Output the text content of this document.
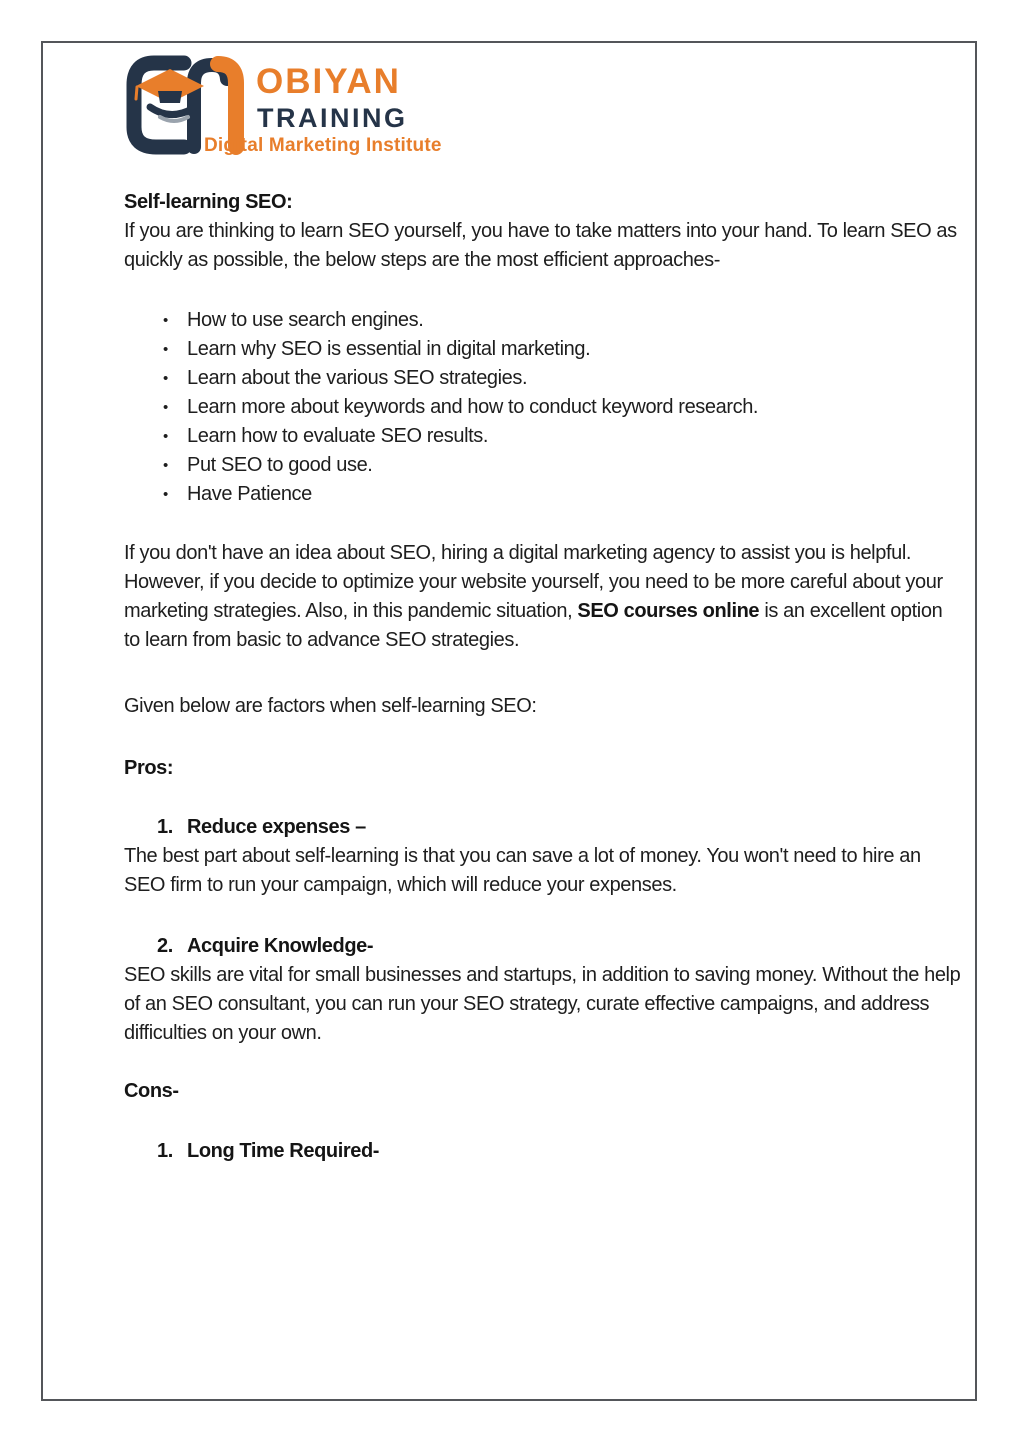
OBIYAN
TRAINING
Digital Marketing Institute
Self-learning SEO:

If you are thinking to learn SEO yourself, you have to take matters into your hand. To learn SEO as quickly as possible, the below steps are the most efficient approaches-

• How to use search engines.
• Learn why SEO is essential in digital marketing.
• Learn about the various SEO strategies.
• Learn more about keywords and how to conduct keyword research.
• Learn how to evaluate SEO results.
• Put SEO to good use.
• Have Patience

If you don't have an idea about SEO, hiring a digital marketing agency to assist you is helpful. However, if you decide to optimize your website yourself, you need to be more careful about your marketing strategies. Also, in this pandemic situation, SEO courses online is an excellent option to learn from basic to advance SEO strategies.

Given below are factors when self-learning SEO:

Pros:

1. Reduce expenses –

The best part about self-learning is that you can save a lot of money. You won't need to hire an SEO firm to run your campaign, which will reduce your expenses.

2. Acquire Knowledge-

SEO skills are vital for small businesses and startups, in addition to saving money. Without the help of an SEO consultant, you can run your SEO strategy, curate effective campaigns, and address difficulties on your own.

Cons-

1. Long Time Required-
